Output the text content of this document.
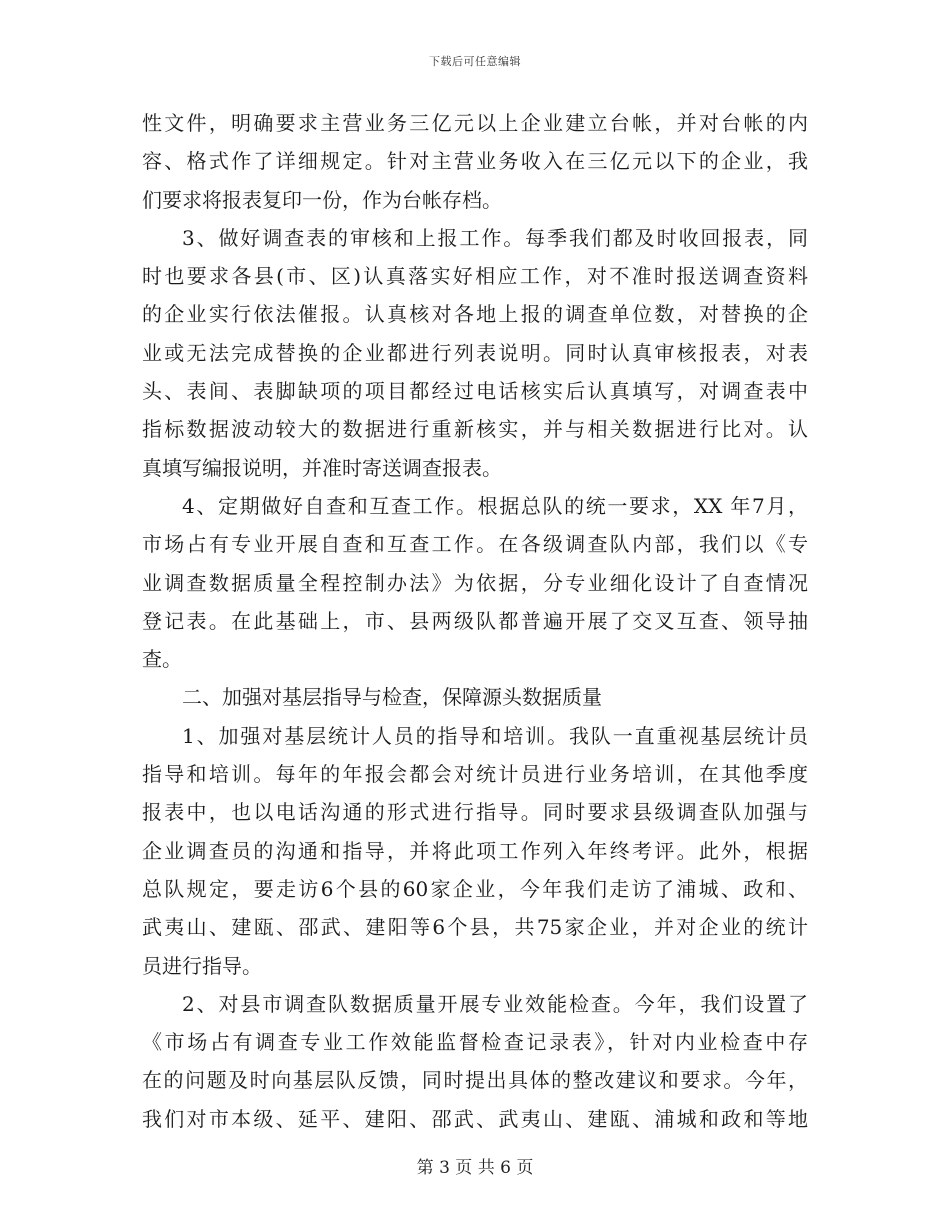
下载后可任意编辑
性文件，明确要求主营业务三亿元以上企业建立台帐，并对台帐的内
容、格式作了详细规定。针对主营业务收入在三亿元以下的企业，我
们要求将报表复印一份，作为台帐存档。
3、做好调查表的审核和上报工作。每季我们都及时收回报表，同
时也要求各县(市、区)认真落实好相应工作，对不准时报送调查资料
的企业实行依法催报。认真核对各地上报的调查单位数，对替换的企
业或无法完成替换的企业都进行列表说明。同时认真审核报表，对表
头、表间、表脚缺项的项目都经过电话核实后认真填写，对调查表中
指标数据波动较大的数据进行重新核实，并与相关数据进行比对。认
真填写编报说明，并准时寄送调查报表。
4、定期做好自查和互查工作。根据总队的统一要求，XX 年7月，
市场占有专业开展自查和互查工作。在各级调查队内部，我们以《专
业调查数据质量全程控制办法》为依据，分专业细化设计了自查情况
登记表。在此基础上，市、县两级队都普遍开展了交叉互查、领导抽
查。
二、加强对基层指导与检查，保障源头数据质量
1、加强对基层统计人员的指导和培训。我队一直重视基层统计员
指导和培训。每年的年报会都会对统计员进行业务培训，在其他季度
报表中，也以电话沟通的形式进行指导。同时要求县级调查队加强与
企业调查员的沟通和指导，并将此项工作列入年终考评。此外，根据
总队规定，要走访6个县的60家企业，今年我们走访了浦城、政和、
武夷山、建瓯、邵武、建阳等6个县，共75家企业，并对企业的统计
员进行指导。
2、对县市调查队数据质量开展专业效能检查。今年，我们设置了
《市场占有调查专业工作效能监督检查记录表》，针对内业检查中存
在的问题及时向基层队反馈，同时提出具体的整改建议和要求。今年，
我们对市本级、延平、建阳、邵武、武夷山、建瓯、浦城和政和等地
第 3 页 共 6 页
